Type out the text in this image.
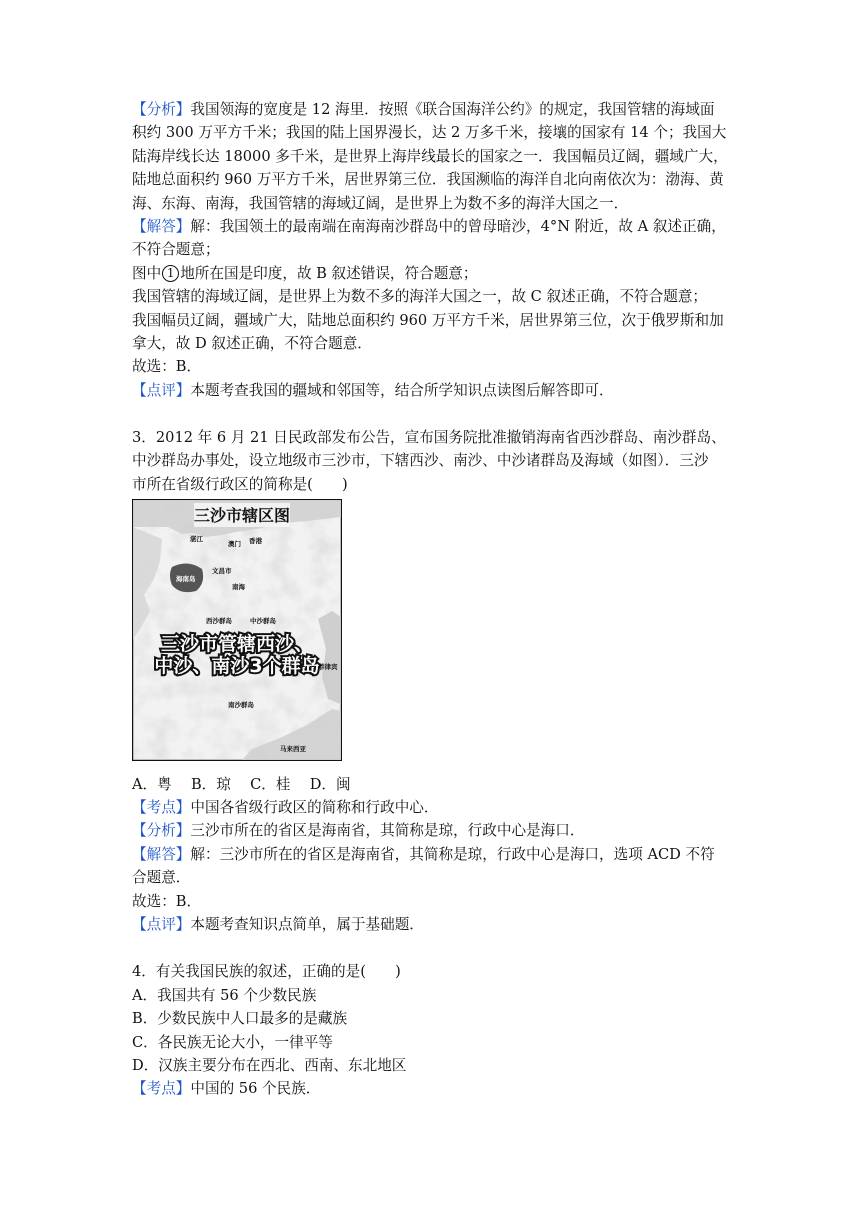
【分析】我国领海的宽度是 12 海里．按照《联合国海洋公约》的规定，我国管辖的海域面
积约 300 万平方千米；我国的陆上国界漫长，达 2 万多千米，接壤的国家有 14 个；我国大
陆海岸线长达 18000 多千米，是世界上海岸线最长的国家之一．我国幅员辽阔，疆域广大，
陆地总面积约 960 万平方千米，居世界第三位．我国濒临的海洋自北向南依次为：渤海、黄
海、东海、南海，我国管辖的海域辽阔，是世界上为数不多的海洋大国之一．
【解答】解：我国领土的最南端在南海南沙群岛中的曾母暗沙，4°N 附近，故 A 叙述正确，
不符合题意；
图中 1 地所在国是印度，故 B 叙述错误，符合题意；
我国管辖的海域辽阔，是世界上为数不多的海洋大国之一，故 C 叙述正确，不符合题意；
我国幅员辽阔，疆域广大，陆地总面积约 960 万平方千米，居世界第三位，次于俄罗斯和加
拿大，故 D 叙述正确，不符合题意．
故选：B．
【点评】本题考查我国的疆域和邻国等，结合所学知识点读图后解答即可．
3．2012 年 6 月 21 日民政部发布公告，宣布国务院批准撤销海南省西沙群岛、南沙群岛、
中沙群岛办事处，设立地级市三沙市，下辖西沙、南沙、中沙诸群岛及海域（如图）．三沙
市所在省级行政区的简称是(　　)
三沙市辖区图
湛江
澳门 香港
文昌市
海南岛
南海
西沙群岛	中沙群岛
菲律宾
南沙群岛
马来西亚
三沙市管辖西沙、
中沙、南沙3个群岛
A．粤　 B．琼　 C．桂　 D．闽
【考点】中国各省级行政区的简称和行政中心．
【分析】三沙市所在的省区是海南省，其简称是琼，行政中心是海口．
【解答】解：三沙市所在的省区是海南省，其简称是琼，行政中心是海口，选项 ACD 不符
合题意．
故选：B．
【点评】本题考查知识点简单，属于基础题．
4．有关我国民族的叙述，正确的是(　　)
A．我国共有 56 个少数民族
B．少数民族中人口最多的是藏族
C．各民族无论大小，一律平等
D．汉族主要分布在西北、西南、东北地区
【考点】中国的 56 个民族．
